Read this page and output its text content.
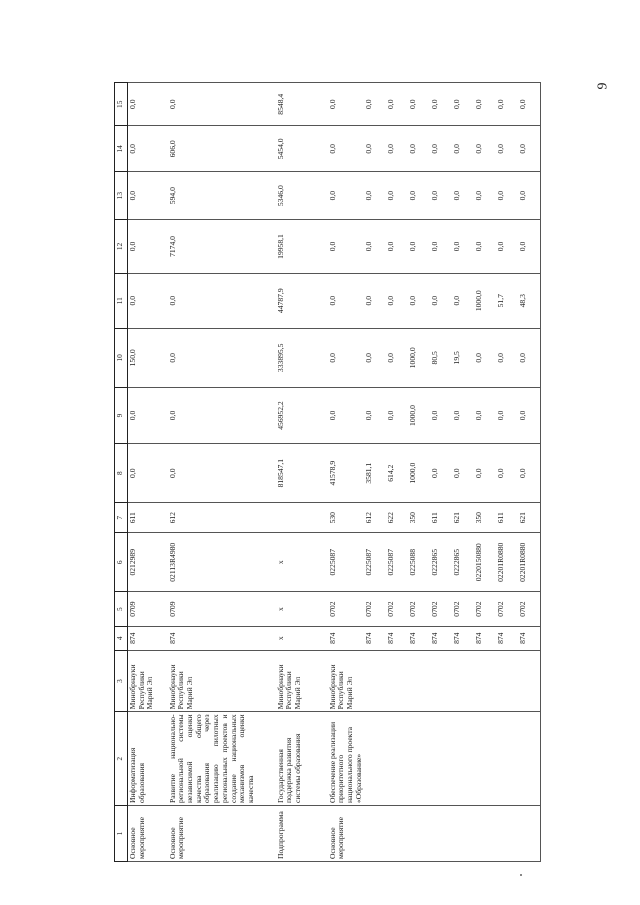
9
1	2	3	4	5	6	7	8	9	10	11	12	13	14	15
Основное мероприятие	Информатизация образования	Минобрнауки Республики Марий Эл	874	0709	0212989	611	0,0	0,0	150,0	0,0	0,0	0,0	0,0	0,0
Основное мероприятие	Развитие национально-региональной системы независимой оценки качества общего образования через реализацию пилотных региональных проектов и создание национальных механизмов оценки качества	Минобрнауки Республики Марий Эл	874	0709	02113R4980	612	0,0	0,0	0,0	0,0	7174,0	594,0	606,0	0,0
Подпрограмма	Государственная поддержка развития системы образования	Минобрнауки Республики Марий Эл	х	х	х		818547,1	456952,2	333895,5	44787,9	19958,1	5346,0	5454,0	8548,4
Основное мероприятие	Обеспечение реализации приоритетного национального проекта «Образование»	Минобрнауки Республики Марий Эл	874	0702	0225087	530	41578,9	0,0	0,0	0,0	0,0	0,0	0,0	0,0
			874	0702	0225087	612	3581,1	0,0	0,0	0,0	0,0	0,0	0,0	0,0
			874	0702	0225087	622	614,2	0,0	0,0	0,0	0,0	0,0	0,0	0,0
			874	0702	0225088	350	1000,0	1000,0	1000,0	0,0	0,0	0,0	0,0	0,0
			874	0702	0222865	611	0,0	0,0	80,5	0,0	0,0	0,0	0,0	0,0
			874	0702	0222865	621	0,0	0,0	19,5	0,0	0,0	0,0	0,0	0,0
			874	0702	0220150880	350	0,0	0,0	0,0	1000,0	0,0	0,0	0,0	0,0
			874	0702	02201R0880	611	0,0	0,0	0,0	51,7	0,0	0,0	0,0	0,0
			874	0702	02201R0880	621	0,0	0,0	0,0	48,3	0,0	0,0	0,0	0,0
